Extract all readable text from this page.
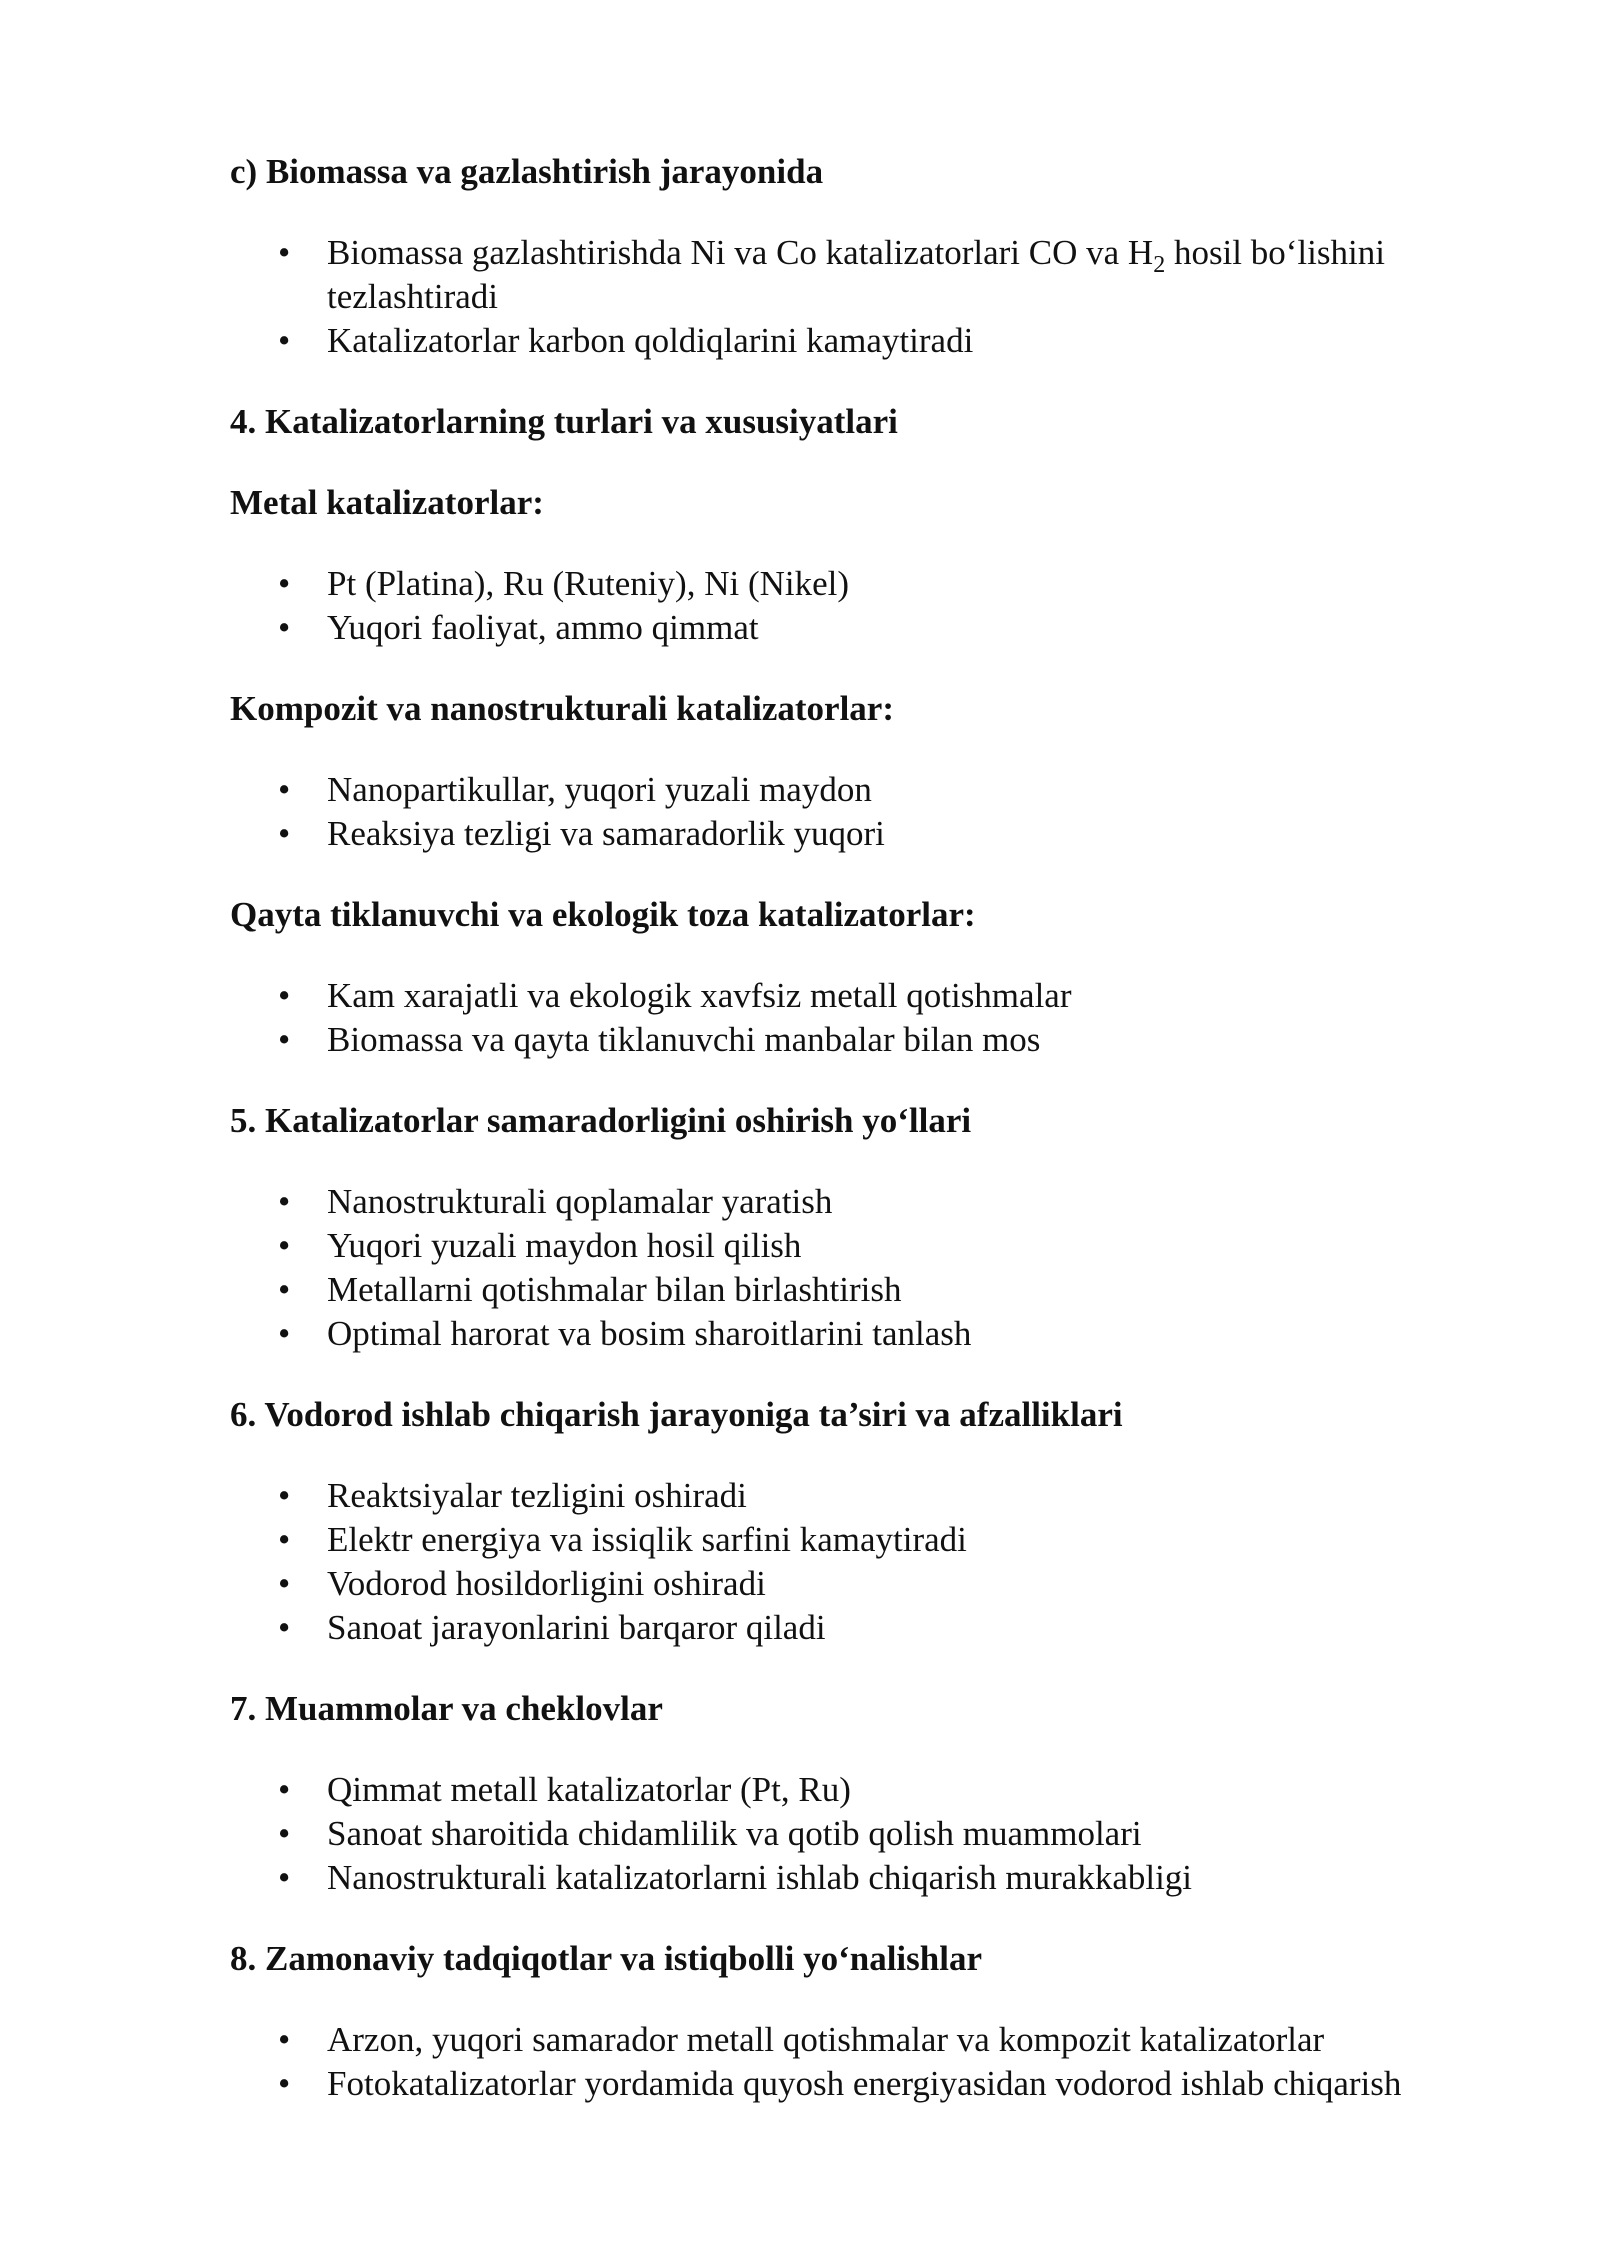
c) Biomassa va gazlashtirish jarayonida
• Biomassa gazlashtirishda Ni va Co katalizatorlari CO va $H_2$ hosil bo‘lishini tezlashtiradi
• Katalizatorlar karbon qoldiqlarini kamaytiradi
4. Katalizatorlarning turlari va xususiyatlari
Metal katalizatorlar:
• Pt (Platina), Ru (Ruteniy), Ni (Nikel)
• Yuqori faoliyat, ammo qimmat
Kompozit va nanostrukturali katalizatorlar:
• Nanopartikullar, yuqori yuzali maydon
• Reaksiya tezligi va samaradorlik yuqori
Qayta tiklanuvchi va ekologik toza katalizatorlar:
• Kam xarajatli va ekologik xavfsiz metall qotishmalar
• Biomassa va qayta tiklanuvchi manbalar bilan mos
5. Katalizatorlar samaradorligini oshirish yo‘llari
• Nanostrukturali qoplamalar yaratish
• Yuqori yuzali maydon hosil qilish
• Metallarni qotishmalar bilan birlashtirish
• Optimal harorat va bosim sharoitlarini tanlash
6. Vodorod ishlab chiqarish jarayoniga ta’siri va afzalliklari
• Reaktsiyalar tezligini oshiradi
• Elektr energiya va issiqlik sarfini kamaytiradi
• Vodorod hosildorligini oshiradi
• Sanoat jarayonlarini barqaror qiladi
7. Muammolar va cheklovlar
• Qimmat metall katalizatorlar (Pt, Ru)
• Sanoat sharoitida chidamlilik va qotib qolish muammolari
• Nanostrukturali katalizatorlarni ishlab chiqarish murakkabligi
8. Zamonaviy tadqiqotlar va istiqbolli yo‘nalishlar
• Arzon, yuqori samarador metall qotishmalar va kompozit katalizatorlar
• Fotokatalizatorlar yordamida quyosh energiyasidan vodorod ishlab chiqarish
